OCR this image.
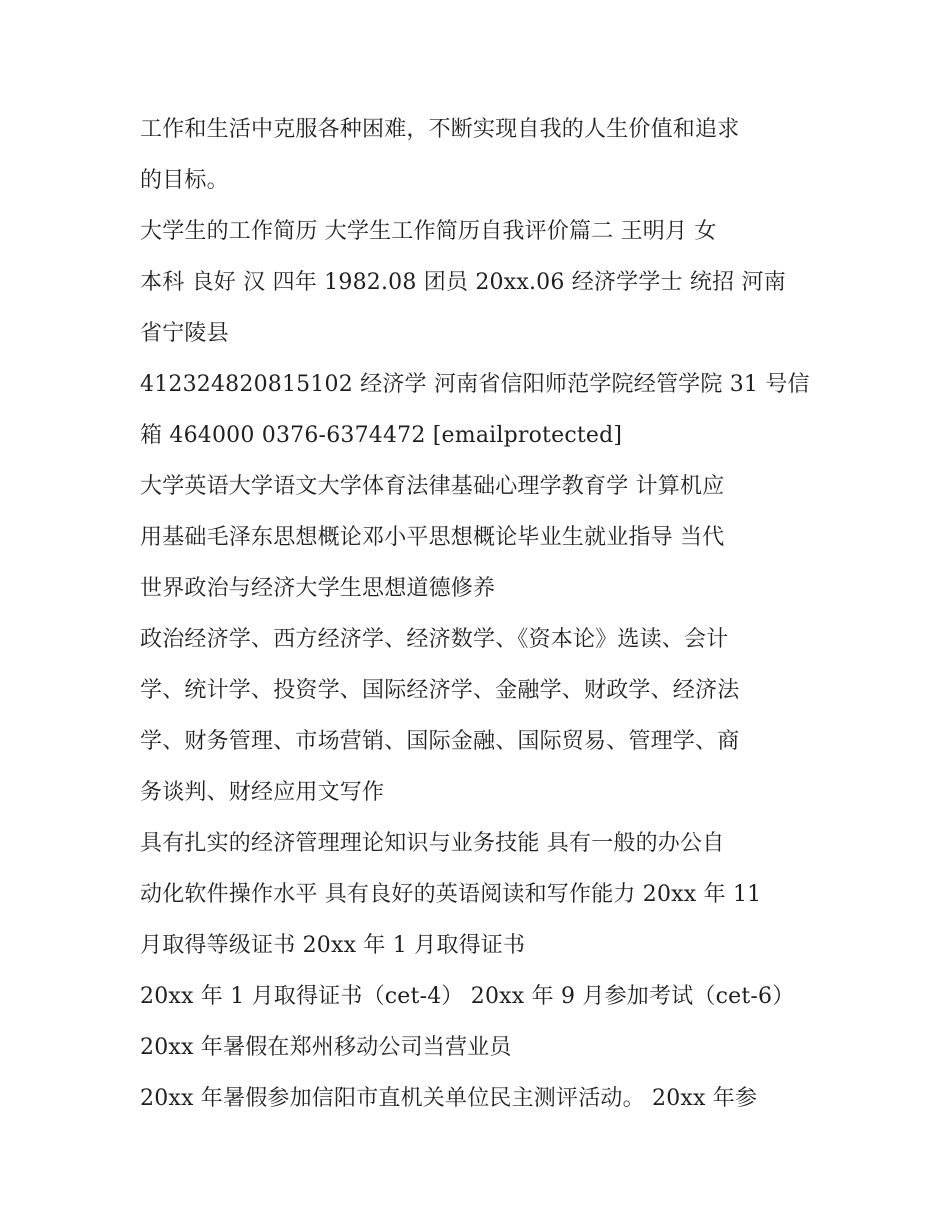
工作和生活中克服各种困难，不断实现自我的人生价值和追求
的目标。
大学生的工作简历 大学生工作简历自我评价篇二 王明月 女
本科 良好 汉 四年 1982.08 团员 20xx.06 经济学学士 统招 河南
省宁陵县
412324820815102 经济学 河南省信阳师范学院经管学院 31 号信
箱 464000 0376-6374472 [emailprotected]
大学英语大学语文大学体育法律基础心理学教育学 计算机应
用基础毛泽东思想概论邓小平思想概论毕业生就业指导 当代
世界政治与经济大学生思想道德修养
政治经济学、西方经济学、经济数学、《资本论》选读、会计
学、统计学、投资学、国际经济学、金融学、财政学、经济法
学、财务管理、市场营销、国际金融、国际贸易、管理学、商
务谈判、财经应用文写作
具有扎实的经济管理理论知识与业务技能 具有一般的办公自
动化软件操作水平 具有良好的英语阅读和写作能力 20xx 年 11
月取得等级证书 20xx 年 1 月取得证书
20xx 年 1 月取得证书（cet-4） 20xx 年 9 月参加考试（cet-6）
20xx 年暑假在郑州移动公司当营业员
20xx 年暑假参加信阳市直机关单位民主测评活动。 20xx 年参
